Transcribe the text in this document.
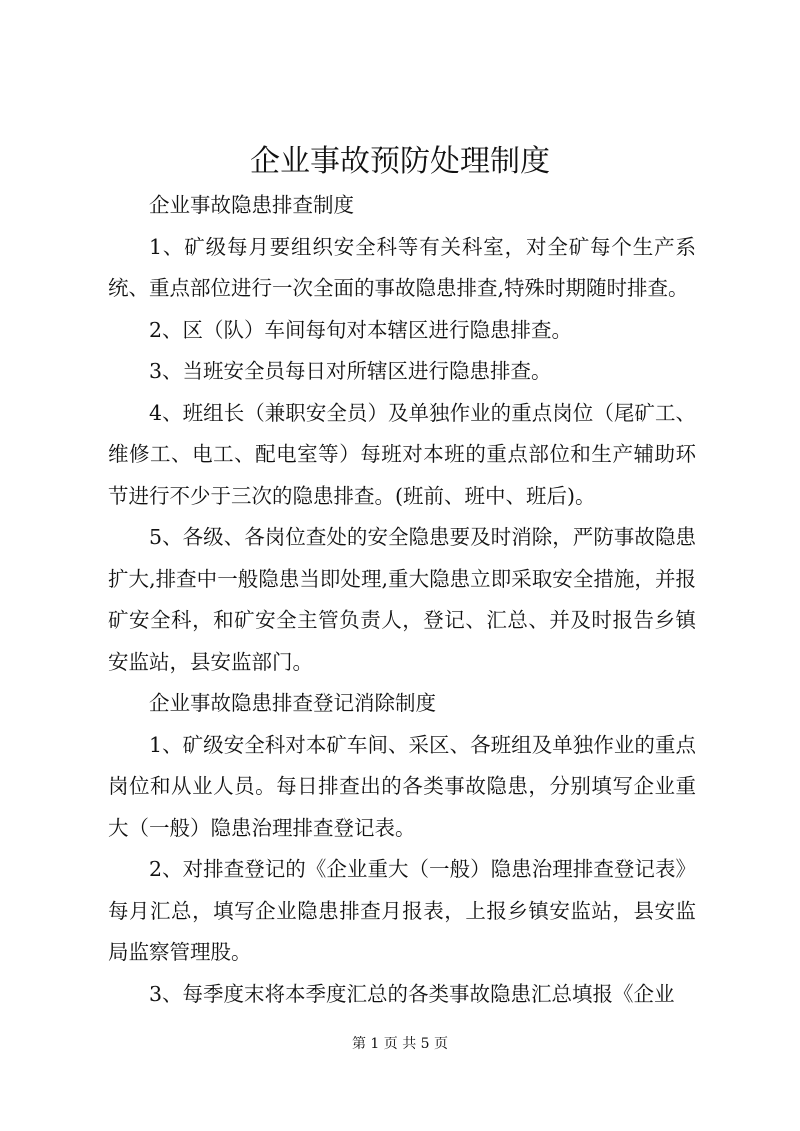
企业事故预防处理制度

企业事故隐患排查制度

1、矿级每月要组织安全科等有关科室，对全矿每个生产系统、重点部位进行一次全面的事故隐患排查,特殊时期随时排查。

2、区（队）车间每旬对本辖区进行隐患排查。

3、当班安全员每日对所辖区进行隐患排查。

4、班组长（兼职安全员）及单独作业的重点岗位（尾矿工、维修工、电工、配电室等）每班对本班的重点部位和生产辅助环节进行不少于三次的隐患排查。(班前、班中、班后)。

5、各级、各岗位查处的安全隐患要及时消除，严防事故隐患扩大,排查中一般隐患当即处理,重大隐患立即采取安全措施，并报矿安全科，和矿安全主管负责人，登记、汇总、并及时报告乡镇安监站，县安监部门。

企业事故隐患排查登记消除制度

1、矿级安全科对本矿车间、采区、各班组及单独作业的重点岗位和从业人员。每日排查出的各类事故隐患，分别填写企业重大（一般）隐患治理排查登记表。

2、对排查登记的《企业重大（一般）隐患治理排查登记表》每月汇总，填写企业隐患排查月报表，上报乡镇安监站，县安监局监察管理股。

3、每季度末将本季度汇总的各类事故隐患汇总填报《企业

第 1 页 共 5 页
